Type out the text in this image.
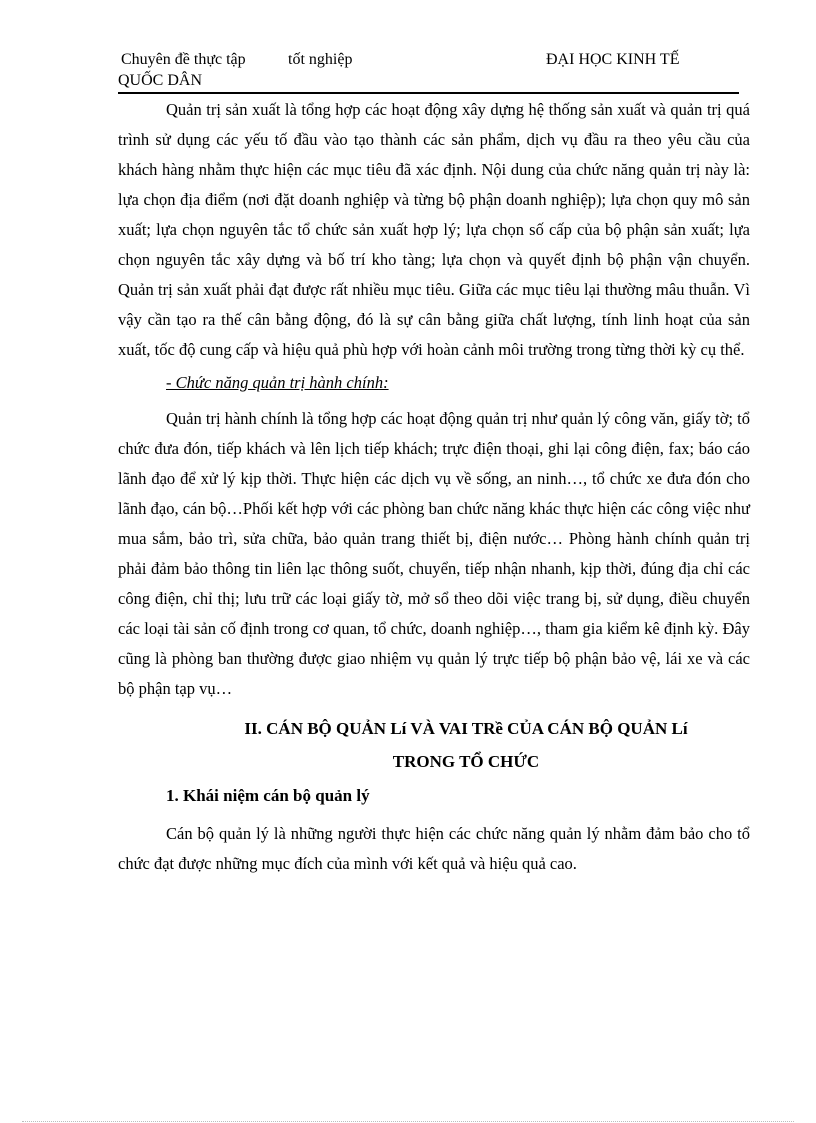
Chuyên đề thực tập	tốt nghiệp	ĐẠI HỌC KINH TẾ
QUỐC DÂN

Quản trị sản xuất là tổng hợp các hoạt động xây dựng hệ thống sản xuất và quản trị quá trình sử dụng các yếu tố đầu vào tạo thành các sản phẩm, dịch vụ đầu ra theo yêu cầu của khách hàng nhằm thực hiện các mục tiêu đã xác định. Nội dung của chức năng quản trị này là: lựa chọn địa điểm (nơi đặt doanh nghiệp và từng bộ phận doanh nghiệp); lựa chọn quy mô sản xuất; lựa chọn nguyên tắc tổ chức sản xuất hợp lý; lựa chọn số cấp của bộ phận sản xuất; lựa chọn nguyên tắc xây dựng và bố trí kho tàng; lựa chọn và quyết định bộ phận vận chuyển. Quản trị sản xuất phải đạt được rất nhiều mục tiêu. Giữa các mục tiêu lại thường mâu thuẫn. Vì vậy cần tạo ra thế cân bằng động, đó là sự cân bằng giữa chất lượng, tính linh hoạt của sản xuất, tốc độ cung cấp và hiệu quả phù hợp với hoàn cảnh môi trường trong từng thời kỳ cụ thể.

- Chức năng quản trị hành chính:

Quản trị hành chính là tổng hợp các hoạt động quản trị như quản lý công văn, giấy tờ; tổ chức đưa đón, tiếp khách và lên lịch tiếp khách; trực điện thoại, ghi lại công điện, fax; báo cáo lãnh đạo để xử lý kịp thời. Thực hiện các dịch vụ về sống, an ninh…, tổ chức xe đưa đón cho lãnh đạo, cán bộ…Phối kết hợp với các phòng ban chức năng khác thực hiện các công việc như mua sắm, bảo trì, sửa chữa, bảo quản trang thiết bị, điện nước… Phòng hành chính quản trị phải đảm bảo thông tin liên lạc thông suốt, chuyển, tiếp nhận nhanh, kịp thời, đúng địa chỉ các công điện, chỉ thị; lưu trữ các loại giấy tờ, mở sổ theo dõi việc trang bị, sử dụng, điều chuyển các loại tài sản cố định trong cơ quan, tổ chức, doanh nghiệp…, tham gia kiểm kê định kỳ. Đây cũng là phòng ban thường được giao nhiệm vụ quản lý trực tiếp bộ phận bảo vệ, lái xe và các bộ phận tạp vụ…

II. CÁN BỘ QUẢN Lí VÀ VAI TRề CỦA CÁN BỘ QUẢN Lí
TRONG TỔ CHỨC

1. Khái niệm cán bộ quản lý

Cán bộ quản lý là những người thực hiện các chức năng quản lý nhằm đảm bảo cho tổ chức đạt được những mục đích của mình với kết quả và hiệu quả cao.
